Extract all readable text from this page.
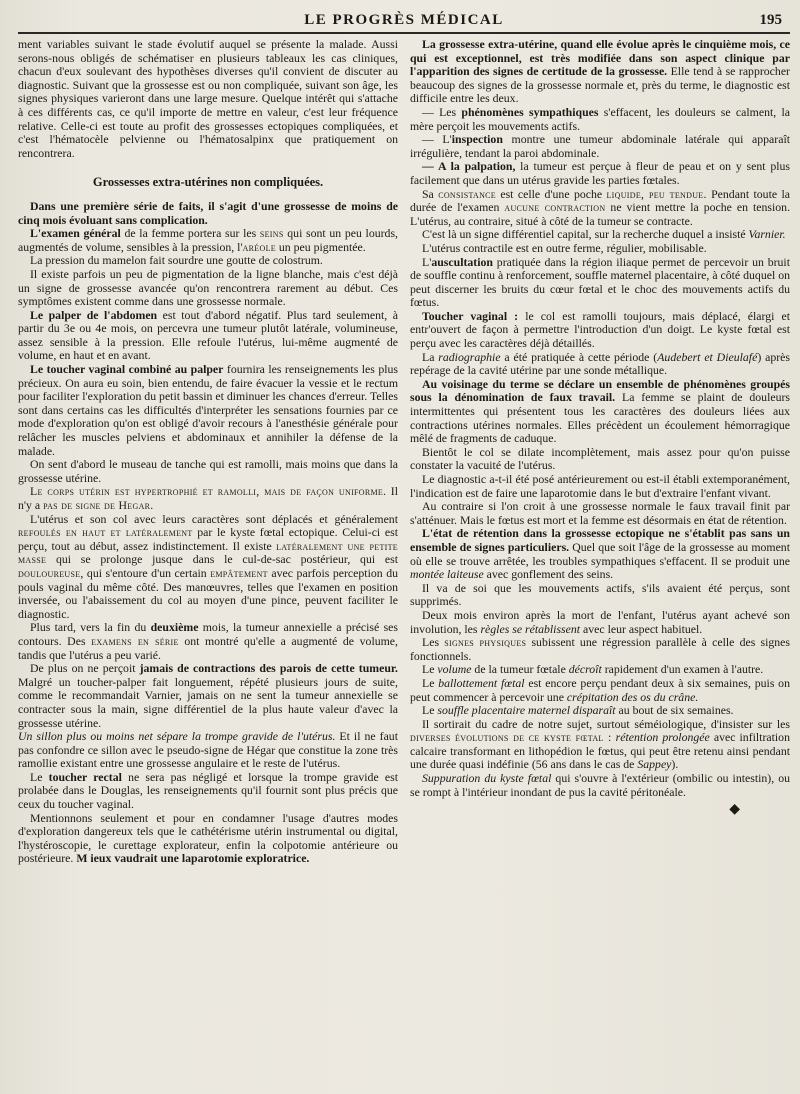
LE PROGRÈS MÉDICAL	195

ment variables suivant le stade évolutif auquel se présente la malade. Aussi serons-nous obligés de schématiser en plusieurs tableaux les cas cliniques, chacun d'eux soulevant des hypothèses diverses qu'il convient de discuter au diagnostic. Suivant que la grossesse est ou non compliquée, suivant son âge, les signes physiques varieront dans une large mesure. Quelque intérêt qui s'attache à ces différents cas, ce qu'il importe de mettre en valeur, c'est leur fréquence relative. Celle-ci est toute au profit des grossesses ectopiques compliquées, et c'est l'hématocèle pelvienne ou l'hématosalpinx que pratiquement on rencontrera.

Grossesses extra-utérines non compliquées.

Dans une première série de faits, il s'agit d'une grossesse de moins de cinq mois évoluant sans complication.

L'examen général de la femme portera sur les seins qui sont un peu lourds, augmentés de volume, sensibles à la pression, l'aréole un peu pigmentée.

La pression du mamelon fait sourdre une goutte de colostrum.

Il existe parfois un peu de pigmentation de la ligne blanche, mais c'est déjà un signe de grossesse avancée qu'on rencontrera rarement au début. Ces symptômes existent comme dans une grossesse normale.

Le palper de l'abdomen est tout d'abord négatif. Plus tard seulement, à partir du 3e ou 4e mois, on percevra une tumeur plutôt latérale, volumineuse, assez sensible à la pression. Elle refoule l'utérus, lui-même augmenté de volume, en haut et en avant.

Le toucher vaginal combiné au palper fournira les renseignements les plus précieux. On aura eu soin, bien entendu, de faire évacuer la vessie et le rectum pour faciliter l'exploration du petit bassin et diminuer les chances d'erreur. Telles sont dans certains cas les difficultés d'interpréter les sensations fournies par ce mode d'exploration qu'on est obligé d'avoir recours à l'anesthésie générale pour relâcher les muscles pelviens et abdominaux et annihiler la défense de la malade.

On sent d'abord le museau de tanche qui est ramolli, mais moins que dans la grossesse utérine.

Le corps utérin est hypertrophié et ramolli, mais de façon uniforme. Il n'y a pas de signe de Hegar.

L'utérus et son col avec leurs caractères sont déplacés et généralement refoulés en haut et latéralement par le kyste fœtal ectopique. Celui-ci est perçu, tout au début, assez indistinctement. Il existe latéralement une petite masse qui se prolonge jusque dans le cul-de-sac postérieur, qui est douloureuse, qui s'entoure d'un certain empâtement avec parfois perception du pouls vaginal du même côté. Des manœuvres, telles que l'examen en position inversée, ou l'abaissement du col au moyen d'une pince, peuvent faciliter le diagnostic.

Plus tard, vers la fin du deuxième mois, la tumeur annexielle a précisé ses contours. Des examens en série ont montré qu'elle a augmenté de volume, tandis que l'utérus a peu varié.

De plus on ne perçoit jamais de contractions des parois de cette tumeur. Malgré un toucher-palper fait longuement, répété plusieurs jours de suite, comme le recommandait Varnier, jamais on ne sent la tumeur annexielle se contracter sous la main, signe différentiel de la plus haute valeur d'avec la grossesse utérine.

Un sillon plus ou moins net sépare la trompe gravide de l'utérus. Et il ne faut pas confondre ce sillon avec le pseudo-signe de Hégar que constitue la zone très ramollie existant entre une grossesse angulaire et le reste de l'utérus.

Le toucher rectal ne sera pas négligé et lorsque la trompe gravide est prolabée dans le Douglas, les renseignements qu'il fournit sont plus précis que ceux du toucher vaginal.

Mentionnons seulement et pour en condamner l'usage d'autres modes d'exploration dangereux tels que le cathétérisme utérin instrumental ou digital, l'hystéroscopie, le curettage explorateur, enfin la colpotomie antérieure ou postérieure. M ieux vaudrait une laparotomie exploratrice.

La grossesse extra-utérine, quand elle évolue après le cinquième mois, ce qui est exceptionnel, est très modifiée dans son aspect clinique par l'apparition des signes de certitude de la grossesse. Elle tend à se rapprocher beaucoup des signes de la grossesse normale et, près du terme, le diagnostic est difficile entre les deux.

— Les phénomènes sympathiques s'effacent, les douleurs se calment, la mère perçoit les mouvements actifs.

— L'inspection montre une tumeur abdominale latérale qui apparaît irrégulière, tendant la paroi abdominale.

— A la palpation, la tumeur est perçue à fleur de peau et on y sent plus facilement que dans un utérus gravide les parties fœtales.

Sa consistance est celle d'une poche liquide, peu tendue. Pendant toute la durée de l'examen aucune contraction ne vient mettre la poche en tension. L'utérus, au contraire, situé à côté de la tumeur se contracte.

C'est là un signe différentiel capital, sur la recherche duquel a insisté Varnier.

L'utérus contractile est en outre ferme, régulier, mobilisable.

L'auscultation pratiquée dans la région iliaque permet de percevoir un bruit de souffle continu à renforcement, souffle maternel placentaire, à côté duquel on peut discerner les bruits du cœur fœtal et le choc des mouvements actifs du fœtus.

Toucher vaginal : le col est ramolli toujours, mais déplacé, élargi et entr'ouvert de façon à permettre l'introduction d'un doigt. Le kyste fœtal est perçu avec les caractères déjà détaillés.

La radiographie a été pratiquée à cette période (Audebert et Dieulafé) après repérage de la cavité utérine par une sonde métallique.

Au voisinage du terme se déclare un ensemble de phénomènes groupés sous la dénomination de faux travail. La femme se plaint de douleurs intermittentes qui présentent tous les caractères des douleurs liées aux contractions utérines normales. Elles précèdent un écoulement hémorragique mêlé de fragments de caduque.

Bientôt le col se dilate incomplètement, mais assez pour qu'on puisse constater la vacuité de l'utérus.

Le diagnostic a-t-il été posé antérieurement ou est-il établi extemporanément, l'indication est de faire une laparotomie dans le but d'extraire l'enfant vivant.

Au contraire si l'on croit à une grossesse normale le faux travail finit par s'atténuer. Mais le fœtus est mort et la femme est désormais en état de rétention.

L'état de rétention dans la grossesse ectopique ne s'établit pas sans un ensemble de signes particuliers. Quel que soit l'âge de la grossesse au moment où elle se trouve arrêtée, les troubles sympathiques s'effacent. Il se produit une montée laiteuse avec gonflement des seins.

Il va de soi que les mouvements actifs, s'ils avaient été perçus, sont supprimés.

Deux mois environ après la mort de l'enfant, l'utérus ayant achevé son involution, les règles se rétablissent avec leur aspect habituel.

Les signes physiques subissent une régression parallèle à celle des signes fonctionnels.

Le volume de la tumeur fœtale décroît rapidement d'un examen à l'autre.

Le ballottement fœtal est encore perçu pendant deux à six semaines, puis on peut commencer à percevoir une crépitation des os du crâne.

Le souffle placentaire maternel disparaît au bout de six semaines.

Il sortirait du cadre de notre sujet, surtout séméiologique, d'insister sur les diverses évolutions de ce kyste fœtal : rétention prolongée avec infiltration calcaire transformant en lithopédion le fœtus, qui peut être retenu ainsi pendant une durée quasi indéfinie (56 ans dans le cas de Sappey).

Suppuration du kyste fœtal qui s'ouvre à l'extérieur (ombilic ou intestin), ou se rompt à l'intérieur inondant de pus la cavité péritonéale.

◆
